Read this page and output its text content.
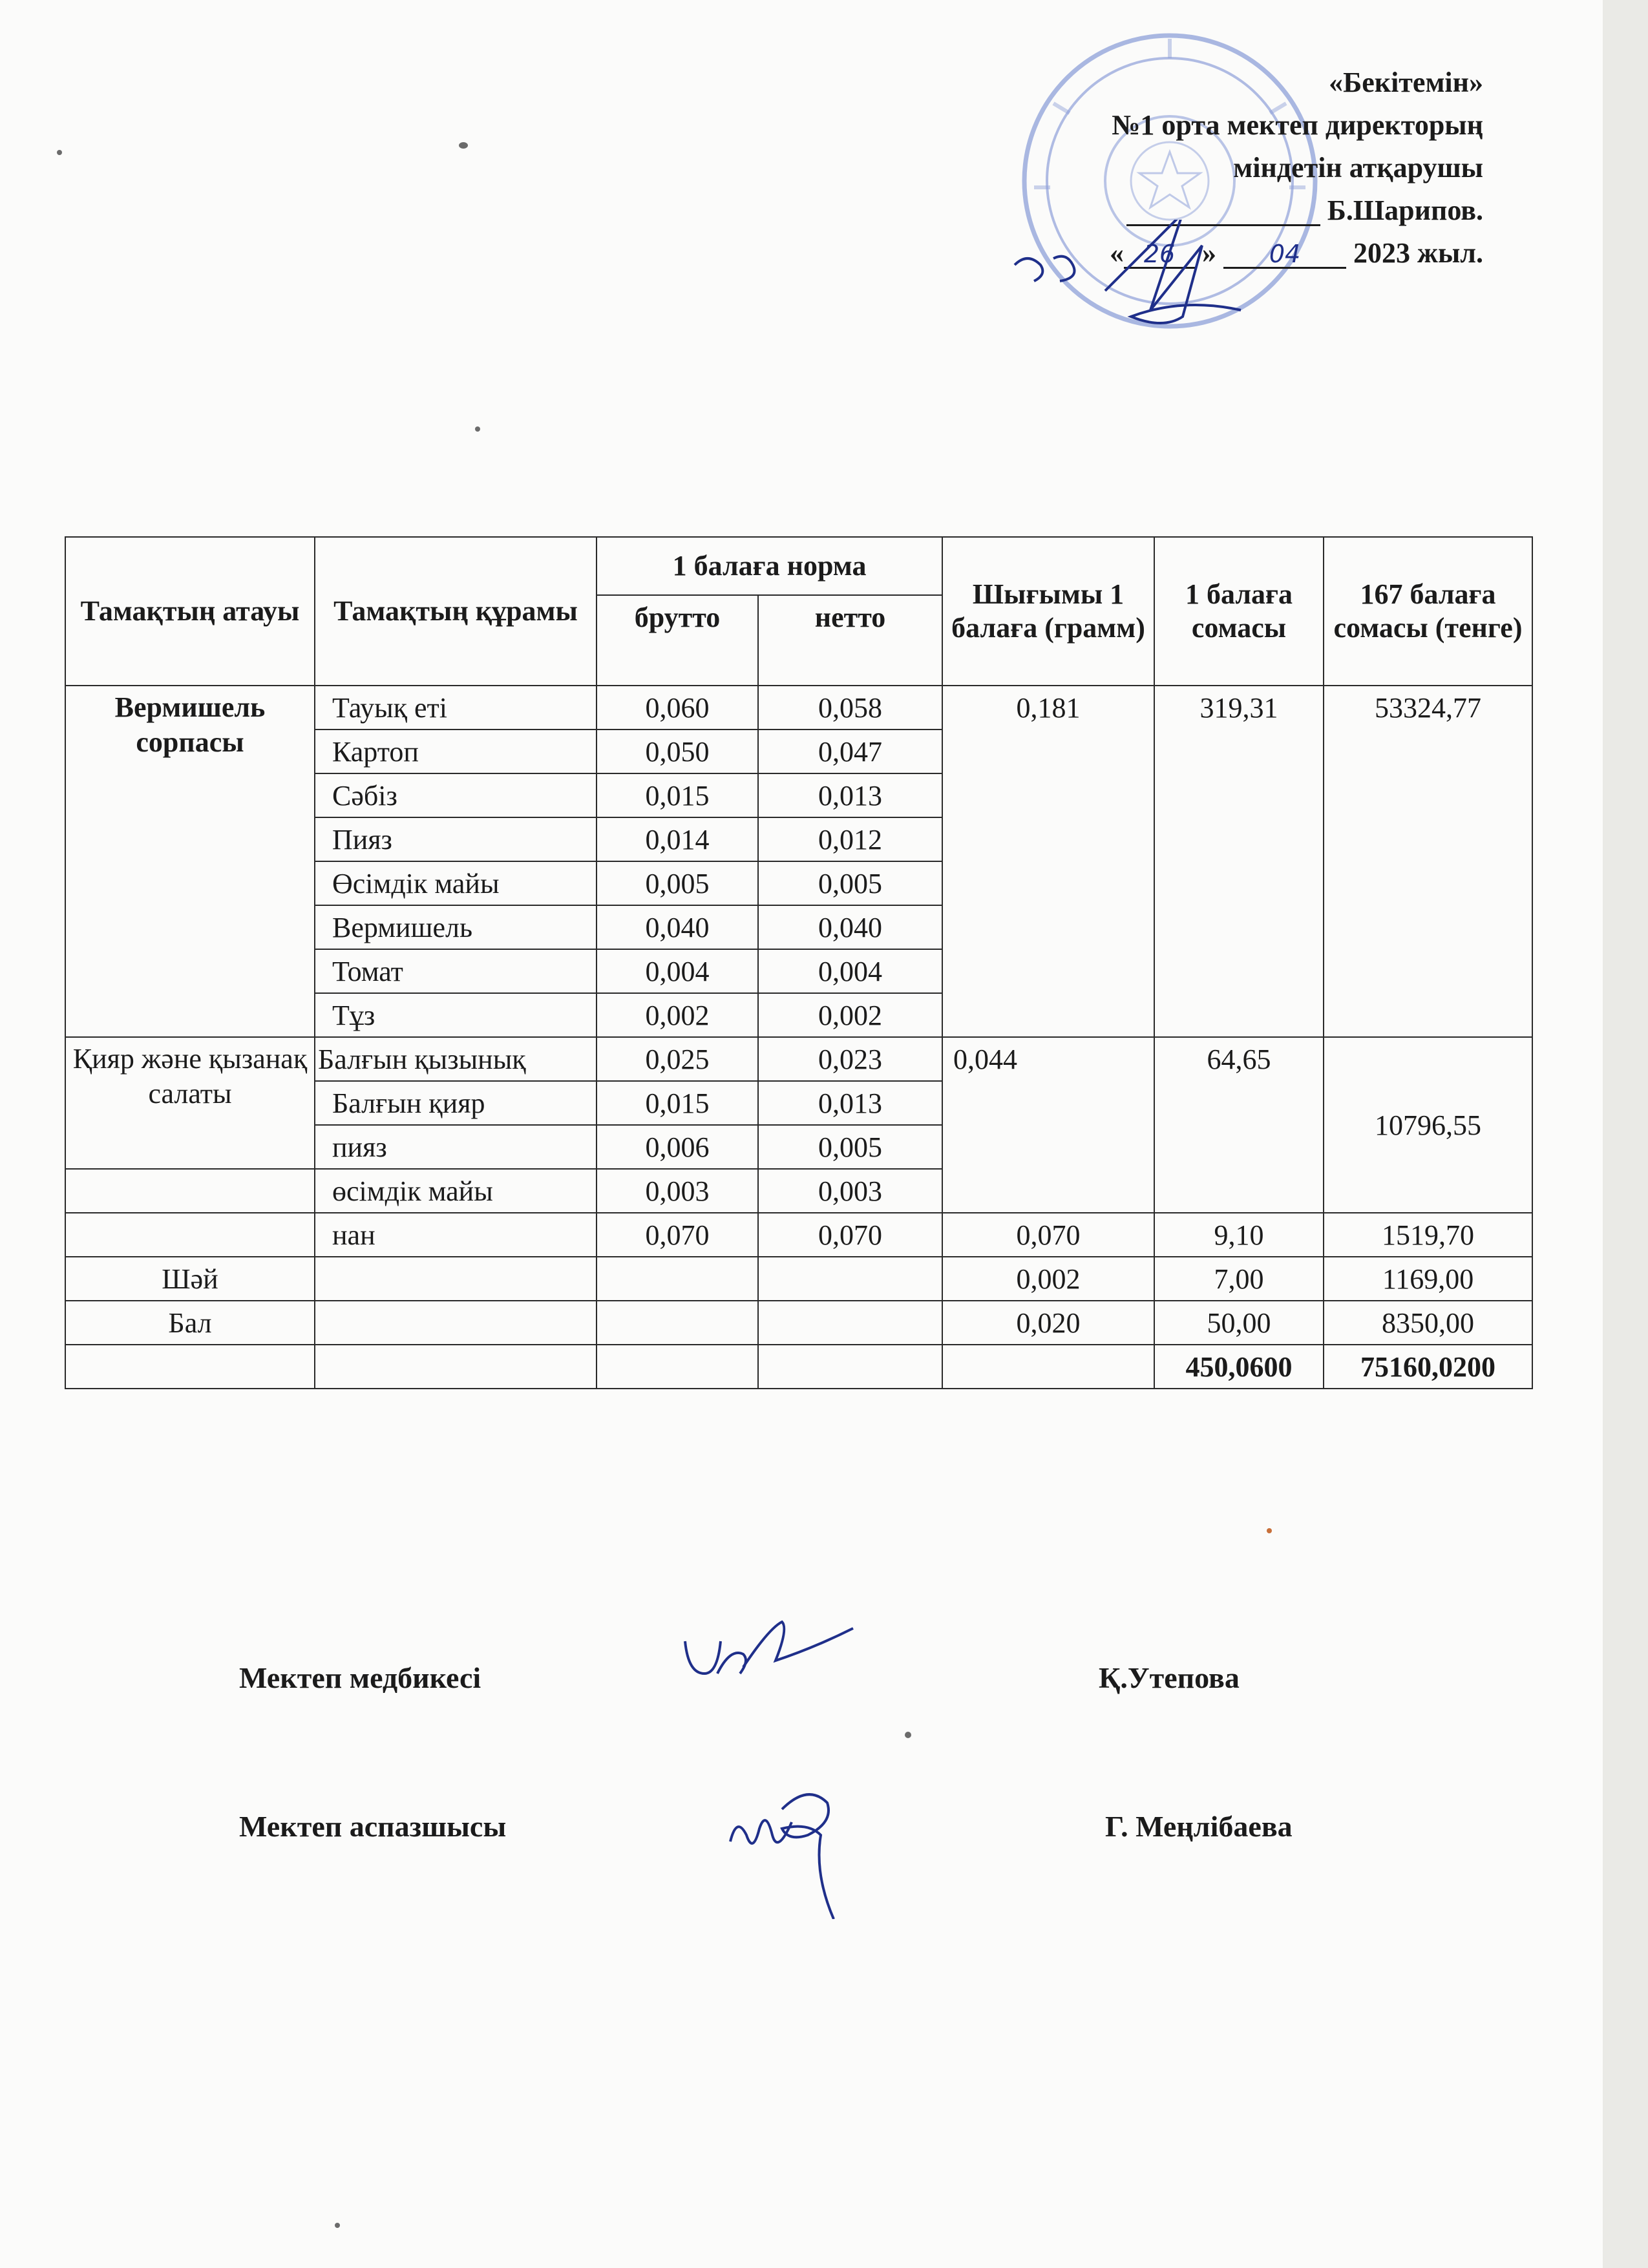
«Бекітемін»
№1 орта мектеп директорың
міндетін атқарушы
Б.Шарипов.
« 26 » 04 2023 жыл.
Тамақтың атауы	Тамақтың құрамы	1 балаға норма		Шығымы 1 балаға (грамм)	1 балаға сомасы	167 балаға сомасы (тенге)
		брутто	нетто			
Вермишель сорпасы	Тауық еті	0,060	0,058	0,181	319,31	53324,77
	Картоп	0,050	0,047			
	Сәбіз	0,015	0,013			
	Пияз	0,014	0,012			
	Өсімдік майы	0,005	0,005			
	Вермишель	0,040	0,040			
	Томат	0,004	0,004			
	Тұз	0,002	0,002			
Қияр және қызанақ салаты	Балғын қызынық	0,025	0,023	0,044	64,65	10796,55
	Балғын қияр	0,015	0,013			
	пияз	0,006	0,005			
	өсімдік майы	0,003	0,003			
	нан	0,070	0,070	0,070	9,10	1519,70
Шәй				0,002	7,00	1169,00
Бал				0,020	50,00	8350,00
					450,0600	75160,0200
Мектеп медбикесі	Қ.Утепова
Мектеп аспазшысы	Г. Меңлібаева
